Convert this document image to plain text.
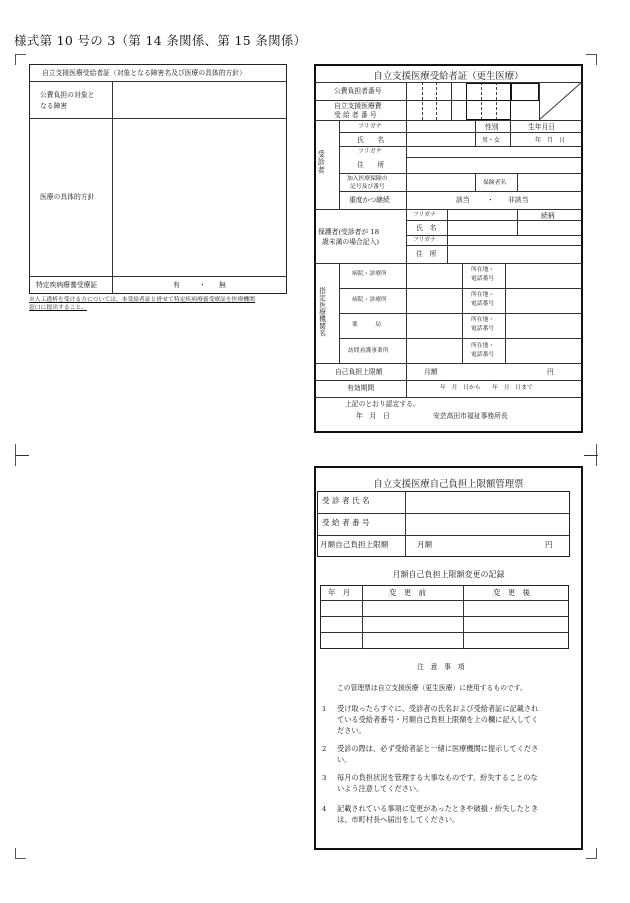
様式第 10 号の 3（第 14 条関係、第 15 条関係）
自立支援医療受給者証（対象となる障害名及び医療の具体的方針）
公費負担の対象と
なる障害
医療の具体的方針
特定疾病療養受療証	有	・ 無
※人工透析を受ける方については、本受給者証と併せて特定疾病療養受療証を医療機関
窓口に提出すること。
自立支援医療受給者証（更生医療）
公費負担者番号
自立支援医療費
受 給 者 番 号
受診者
フリガナ	性別	生年月日
氏　　名	男・女	年　月　日
フリガナ
住　　所
加入医療保険の
記号及び番号
保険者名
重度かつ継続	該当	・ 非該当
保護者(受診者が 18
歳未満の場合記入)
フリガナ	続柄
氏　名
フリガナ
住　所
指定医療機関名
病院・診療所
所在地・
電話番号
病院・診療所
所在地・
電話番号
薬　　　局
所在地・
電話番号
訪問看護事業所
所在地・
電話番号
自己負担上限額	月額	円
有効期間	年　月　日から　　年　月　日まで
上記のとおり認定する。
年　月　日	安芸高田市福祉事務所長
自立支援医療自己負担上限額管理票
受 診 者 氏 名
受 給 者 番 号
月額自己負担上限額	月額	円
月額自己負担上限額変更の記録
年　月	変　更　前	変　更　後
注　意　事　項
この管理票は自立支援医療（更生医療）に使用するものです。
1 受け取ったらすぐに、受診者の氏名および受給者証に記載され
ている受給者番号・月額自己負担上限額を上の欄に記入してく
ださい。
2 受診の際は、必ず受給者証と一緒に医療機関に提示してくださ
い。
3 毎月の負担状況を管理する大事なものです。紛失することのな
いよう注意してください。
4 記載されている事項に変更があったときや破損・紛失したとき
は、市町村長へ届出をしてください。
